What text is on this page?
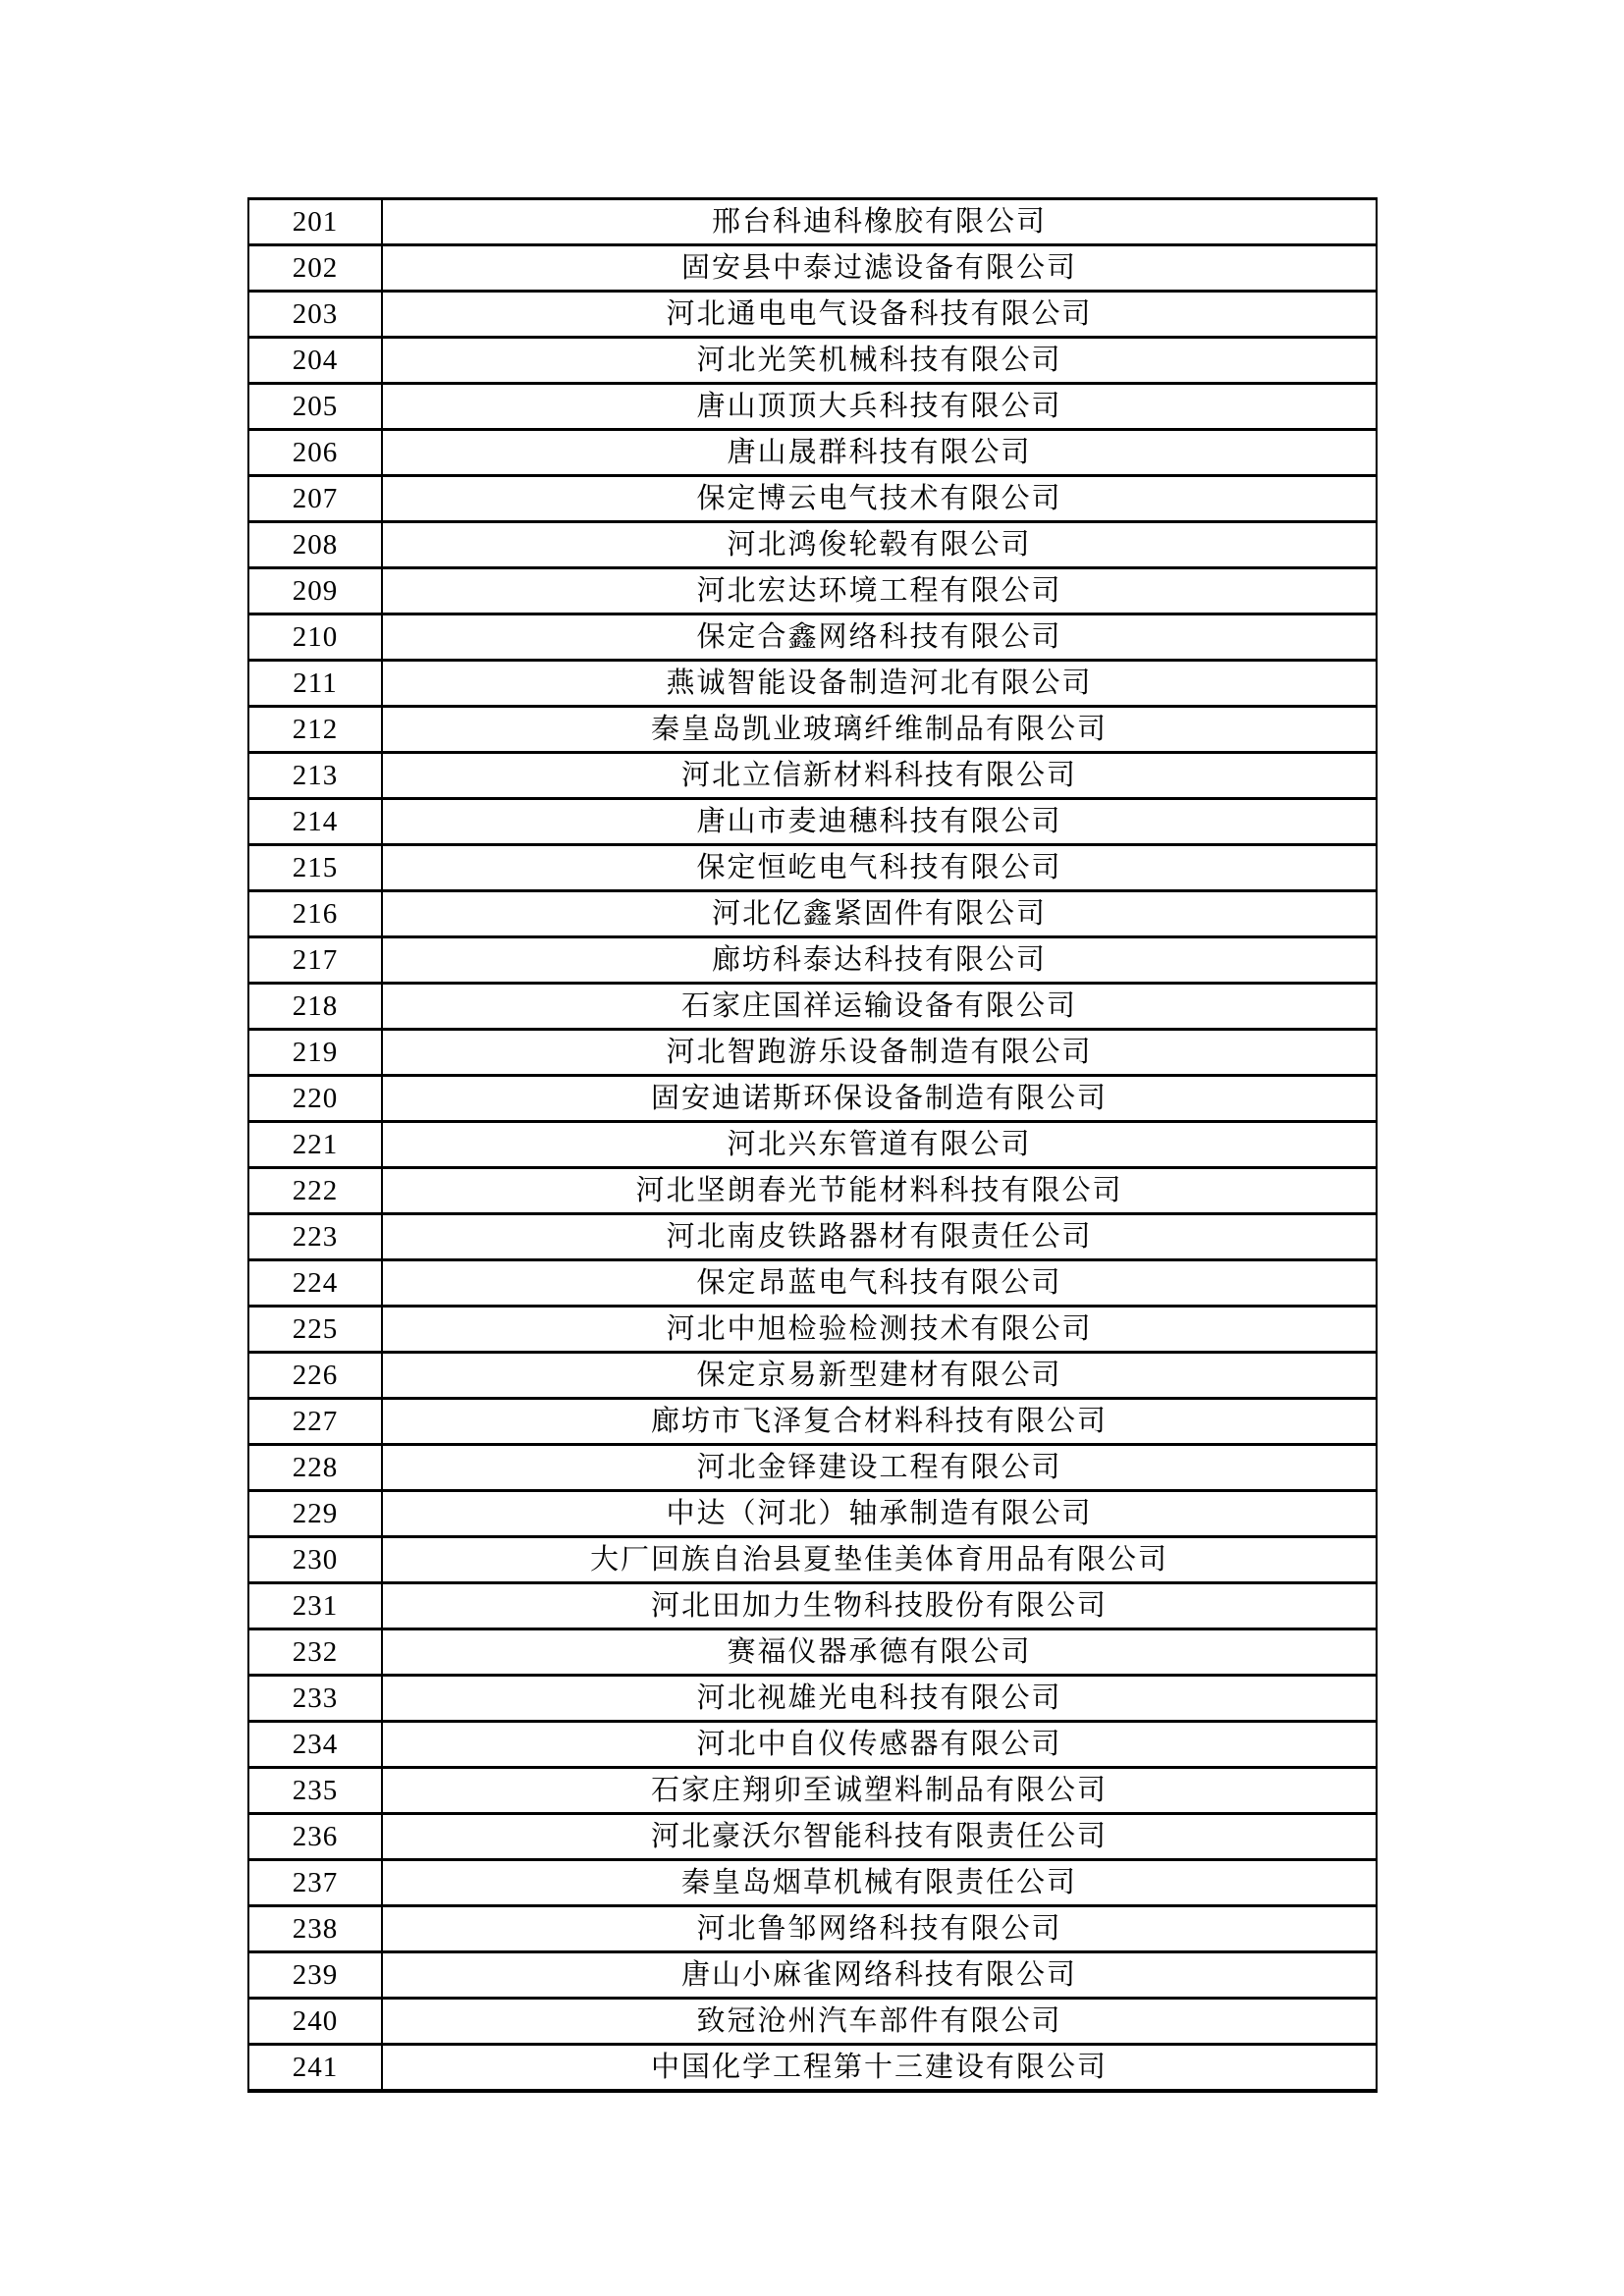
201	邢台科迪科橡胶有限公司
202	固安县中泰过滤设备有限公司
203	河北通电电气设备科技有限公司
204	河北光笑机械科技有限公司
205	唐山顶顶大兵科技有限公司
206	唐山晟群科技有限公司
207	保定博云电气技术有限公司
208	河北鸿俊轮毂有限公司
209	河北宏达环境工程有限公司
210	保定合鑫网络科技有限公司
211	燕诚智能设备制造河北有限公司
212	秦皇岛凯业玻璃纤维制品有限公司
213	河北立信新材料科技有限公司
214	唐山市麦迪穗科技有限公司
215	保定恒屹电气科技有限公司
216	河北亿鑫紧固件有限公司
217	廊坊科泰达科技有限公司
218	石家庄国祥运输设备有限公司
219	河北智跑游乐设备制造有限公司
220	固安迪诺斯环保设备制造有限公司
221	河北兴东管道有限公司
222	河北坚朗春光节能材料科技有限公司
223	河北南皮铁路器材有限责任公司
224	保定昂蓝电气科技有限公司
225	河北中旭检验检测技术有限公司
226	保定京易新型建材有限公司
227	廊坊市飞泽复合材料科技有限公司
228	河北金铎建设工程有限公司
229	中达（河北）轴承制造有限公司
230	大厂回族自治县夏垫佳美体育用品有限公司
231	河北田加力生物科技股份有限公司
232	赛福仪器承德有限公司
233	河北视雄光电科技有限公司
234	河北中自仪传感器有限公司
235	石家庄翔卯至诚塑料制品有限公司
236	河北豪沃尔智能科技有限责任公司
237	秦皇岛烟草机械有限责任公司
238	河北鲁邹网络科技有限公司
239	唐山小麻雀网络科技有限公司
240	致冠沧州汽车部件有限公司
241	中国化学工程第十三建设有限公司
